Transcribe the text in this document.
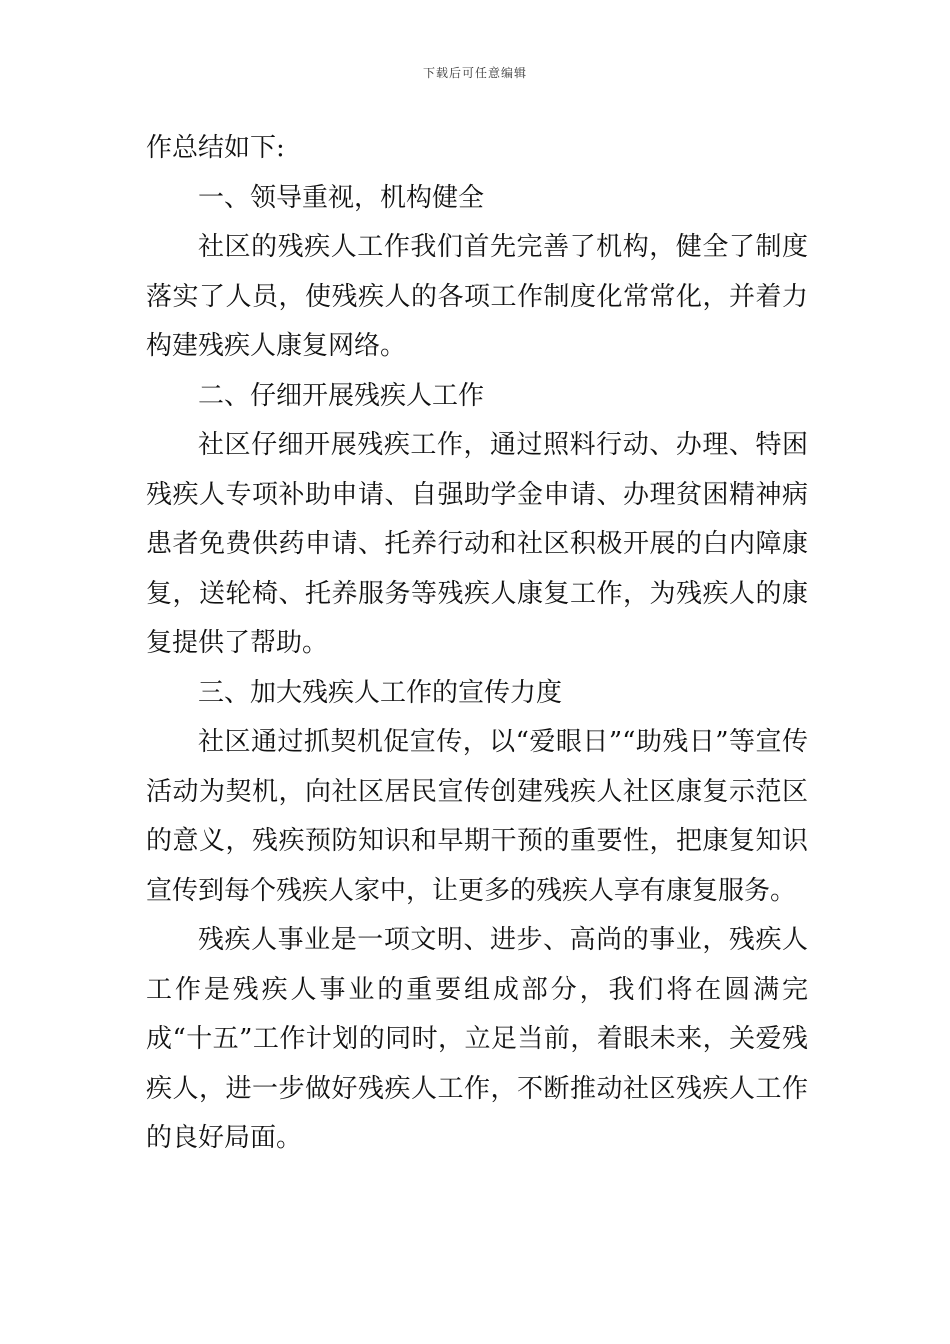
下载后可任意编辑

作总结如下:

一、领导重视，机构健全

社区的残疾人工作我们首先完善了机构，健全了制度落实了人员，使残疾人的各项工作制度化常常化，并着力构建残疾人康复网络。

二、仔细开展残疾人工作

社区仔细开展残疾工作，通过照料行动、办理、特困残疾人专项补助申请、自强助学金申请、办理贫困精神病患者免费供药申请、托养行动和社区积极开展的白内障康复，送轮椅、托养服务等残疾人康复工作，为残疾人的康复提供了帮助。

三、加大残疾人工作的宣传力度

社区通过抓契机促宣传，以“爱眼日”“助残日”等宣传活动为契机，向社区居民宣传创建残疾人社区康复示范区的意义，残疾预防知识和早期干预的重要性，把康复知识宣传到每个残疾人家中，让更多的残疾人享有康复服务。

残疾人事业是一项文明、进步、高尚的事业，残疾人工作是残疾人事业的重要组成部分，我们将在圆满完成“十五”工作计划的同时，立足当前，着眼未来，关爱残疾人，进一步做好残疾人工作，不断推动社区残疾人工作的良好局面。
